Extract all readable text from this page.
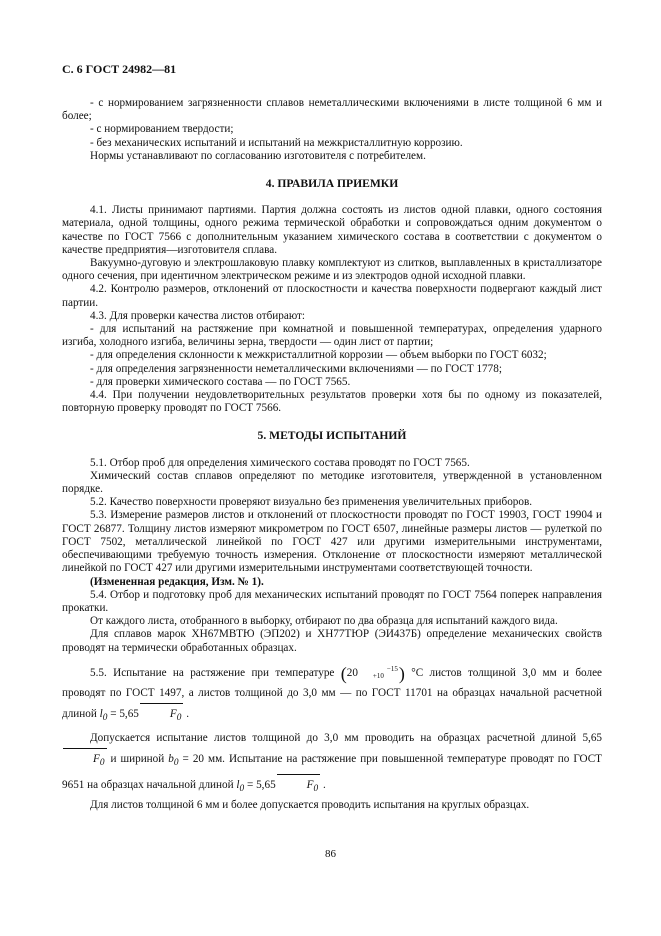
С. 6 ГОСТ 24982—81

- с нормированием загрязненности сплавов неметаллическими включениями в листе толщиной 6 мм и более;

- с нормированием твердости;

- без механических испытаний и испытаний на межкристаллитную коррозию.

Нормы устанавливают по согласованию изготовителя с потребителем.

4. ПРАВИЛА ПРИЕМКИ

4.1. Листы принимают партиями. Партия должна состоять из листов одной плавки, одного состояния материала, одной толщины, одного режима термической обработки и сопровождаться одним документом о качестве по ГОСТ 7566 с дополнительным указанием химического состава в соответствии с документом о качестве предприятия—изготовителя сплава.

Вакуумно-дуговую и электрошлаковую плавку комплектуют из слитков, выплавленных в кристаллизаторе одного сечения, при идентичном электрическом режиме и из электродов одной исходной плавки.

4.2. Контролю размеров, отклонений от плоскостности и качества поверхности подвергают каждый лист партии.

4.3. Для проверки качества листов отбирают:

- для испытаний на растяжение при комнатной и повышенной температурах, определения ударного изгиба, холодного изгиба, величины зерна, твердости — один лист от партии;

- для определения склонности к межкристаллитной коррозии — объем выборки по ГОСТ 6032;

- для определения загрязненности неметаллическими включениями — по ГОСТ 1778;

- для проверки химического состава — по ГОСТ 7565.

4.4. При получении неудовлетворительных результатов проверки хотя бы по одному из показателей, повторную проверку проводят по ГОСТ 7566.

5. МЕТОДЫ ИСПЫТАНИЙ

5.1. Отбор проб для определения химического состава проводят по ГОСТ 7565.

Химический состав сплавов определяют по методике изготовителя, утвержденной в установленном порядке.

5.2. Качество поверхности проверяют визуально без применения увеличительных приборов.

5.3. Измерение размеров листов и отклонений от плоскостности проводят по ГОСТ 19903, ГОСТ 19904 и ГОСТ 26877. Толщину листов измеряют микрометром по ГОСТ 6507, линейные размеры листов — рулеткой по ГОСТ 7502, металлической линейкой по ГОСТ 427 или другими измерительными инструментами, обеспечивающими требуемую точность измерения. Отклонение от плоскостности измеряют металлической линейкой по ГОСТ 427 или другими измерительными инструментами соответствующей точности.

(Измененная редакция, Изм. № 1).

5.4. Отбор и подготовку проб для механических испытаний проводят по ГОСТ 7564 поперек направления прокатки.

От каждого листа, отобранного в выборку, отбирают по два образца для испытаний каждого вида.

Для сплавов марок ХН67МВТЮ (ЭП202) и ХН77ТЮР (ЭИ437Б) определение механических свойств проводят на термически обработанных образцах.

5.5. Испытание на растяжение при температуре (20	−15
+10 ) °С листов толщиной 3,0 мм и более проводят по ГОСТ 1497, а листов толщиной до 3,0 мм — по ГОСТ 11701 на образцах начальной расчетной длиной $l_0 = 5,65$	$F_0$ .

Допускается испытание листов толщиной до 3,0 мм проводить на образцах расчетной длиной $5,65F_0$ и шириной $b_0 = 20$ мм. Испытание на растяжение при повышенной температуре проводят по ГОСТ 9651 на образцах начальной длиной $l_0 = 5,65$	$F_0$ .

Для листов толщиной 6 мм и более допускается проводить испытания на круглых образцах.

86
